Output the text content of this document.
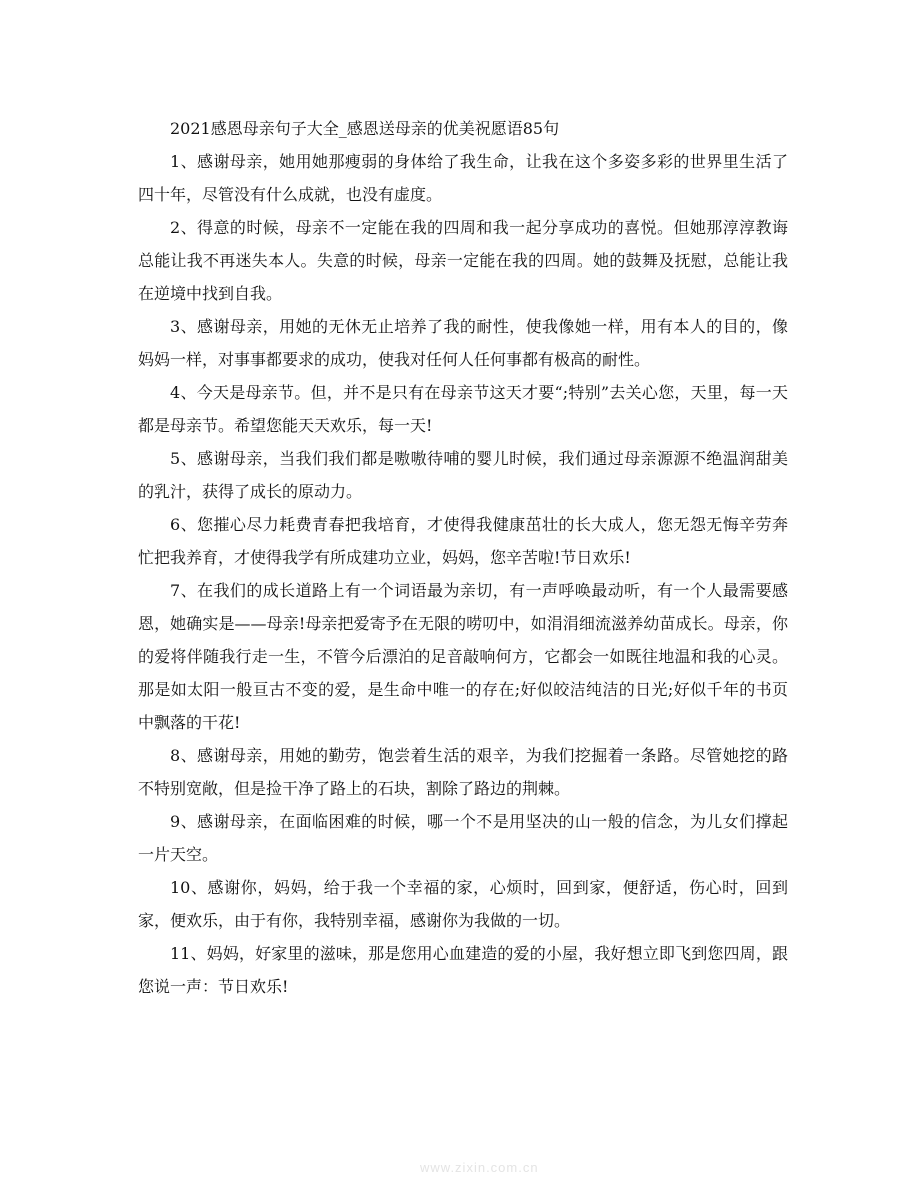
2021感恩母亲句子大全_感恩送母亲的优美祝愿语85句

1、感谢母亲，她用她那瘦弱的身体给了我生命，让我在这个多姿多彩的世界里生活了四十年，尽管没有什么成就，也没有虚度。

2、得意的时候，母亲不一定能在我的四周和我一起分享成功的喜悦。但她那淳淳教诲总能让我不再迷失本人。失意的时候，母亲一定能在我的四周。她的鼓舞及抚慰，总能让我在逆境中找到自我。

3、感谢母亲，用她的无休无止培养了我的耐性，使我像她一样，用有本人的目的，像妈妈一样，对事事都要求的成功，使我对任何人任何事都有极高的耐性。

4、今天是母亲节。但，并不是只有在母亲节这天才要“;特别”去关心您，天里，每一天都是母亲节。希望您能天天欢乐，每一天!

5、感谢母亲，当我们我们都是嗷嗷待哺的婴儿时候，我们通过母亲源源不绝温润甜美的乳汁，获得了成长的原动力。

6、您摧心尽力耗费青春把我培育，才使得我健康茁壮的长大成人，您无怨无悔辛劳奔忙把我养育，才使得我学有所成建功立业，妈妈，您辛苦啦!节日欢乐!

7、在我们的成长道路上有一个词语最为亲切，有一声呼唤最动听，有一个人最需要感恩，她确实是——母亲!母亲把爱寄予在无限的唠叨中，如涓涓细流滋养幼苗成长。母亲，你的爱将伴随我行走一生，不管今后漂泊的足音敲响何方，它都会一如既往地温和我的心灵。那是如太阳一般亘古不变的爱，是生命中唯一的存在;好似皎洁纯洁的日光;好似千年的书页中飘落的干花!

8、感谢母亲，用她的勤劳，饱尝着生活的艰辛，为我们挖掘着一条路。尽管她挖的路不特别宽敞，但是捡干净了路上的石块，割除了路边的荆棘。

9、感谢母亲，在面临困难的时候，哪一个不是用坚决的山一般的信念，为儿女们撑起一片天空。

10、感谢你，妈妈，给于我一个幸福的家，心烦时，回到家，便舒适，伤心时，回到家，便欢乐，由于有你，我特别幸福，感谢你为我做的一切。

11、妈妈，好家里的滋味，那是您用心血建造的爱的小屋，我好想立即飞到您四周，跟您说一声：节日欢乐!

www.zixin.com.cn
